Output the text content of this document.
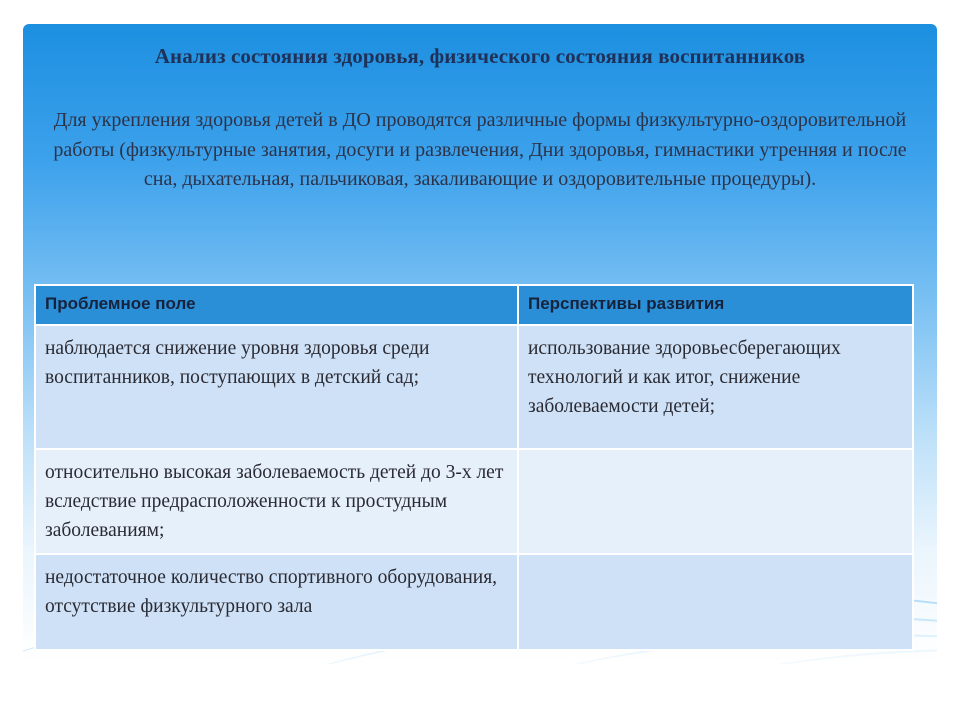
Анализ состояния здоровья, физического состояния воспитанников

Для укрепления здоровья детей в ДО проводятся различные формы физкультурно-оздоровительной работы (физкультурные занятия, досуги и развлечения, Дни здоровья, гимнастики утренняя и после сна, дыхательная, пальчиковая, закаливающие и оздоровительные процедуры).

Проблемное поле	Перспективы развития
наблюдается снижение уровня здоровья среди воспитанников, поступающих в детский сад;	использование здоровьесберегающих технологий и как итог, снижение заболеваемости детей;
относительно высокая заболеваемость детей до 3-х лет вследствие предрасположенности к простудным заболеваниям;	
недостаточное количество спортивного оборудования, отсутствие физкультурного зала	
